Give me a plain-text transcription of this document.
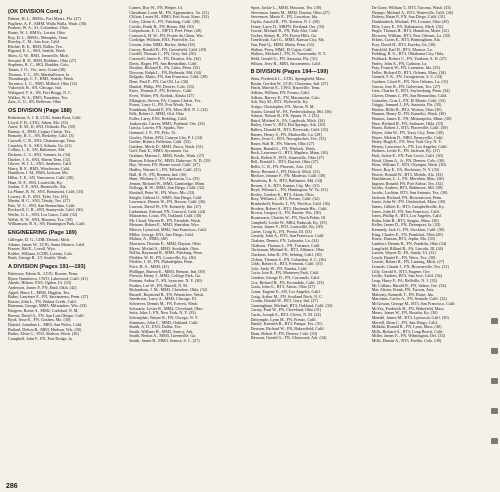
(OK DIVISION Cont.)
Palmer, H. L., RM3/c, Fort Myers, Fla. (27)
Pugliese, A. F., AMM, Walla Walla, Wash. (36)
Peukert, W. A., S1, Columbus, Ohio.
Rauer, W. J., RM3/c, Lorain, Ohio.
Roy, D. L., RM3/c, Memphis, Tenn.
Rowley, C. M., San Jose, Calif.
Ritchie, R. E., RM3, Dallas, Tex.
Rigstad, E. L., SK3, Seattle, Wash.
Shaw, G. W., RM3, Joeasville, Mich.
Seward, B. D., RM3, Robbins, Ohio (27)
Stephens, R. C., SK3, Boulder, Colo.
Tatum, J. O., Vet., new, Crane (30)
Thomas, T. C., SN, Marshalltown, Ia.
Thornburgh, C. T., RM3, Seattle, Wash.
Torrance, L. C., RM3, Milford, Ohio (32)
Vukovich, R., SN, Chicago, Ind.
Walsgard, V. S., SN, Fort Bragg, N. C.
Walker, W. A., RM3, Pasadena, Tex.
Zass, G. G., SN, Bellevue, Ohio
OS DIVISION (Page 188)
Robertson, A. J. II, LTJG, Santa Rosa, Calif.
Lloyd, F. B., LTJG, Aiken, Mo. (33)
Auret, E. M., II, SN3, Orlando, Fla. (30)
Batista, A., RM3, Corpus Christi, Tex.
Beaudry, R. C., SN, Berkeley, Calif. (3)
Caswell, C. R., SN3, Chattanooga, Tenn.
Crumley, E. S., SK3, Atlanta, Ga. (21)
Collins, L. E., SN, Baltimore, Md.
Dickens, C. S., SN3, Sumner, Ia. (34)
Durkee, J. A., SN3, Sherm Tenn. (32)
Glover, W. J. L., SN3, Anaheim, Calif.
Harry, R. E., RM3, Winchester, Calif.
Hamilton, J. M., RM3, Jackson, Mo.
Hillar, T. E., SN, Vancouver, Calif. (30)
Hunt, D. F., SN3, Louisville, Ky.
Jordan, T. E., SN3, Huntsville, Ala.
La Plume, B. W., SN3, Beaumont, Calif. (33)
Lowery, K. F., SN3, Tyler, Tex. (33)
Martin, H. C., SN3, Trinity, Tex. (27)
Pate, W. C., SN3, San Bernardino, Calif.
Rockwell, C. R., SN3, Sunnyvale, Calif. (30)
Weiler, G. L., SN3, Los Gatos, Calif. (32)
Welsh, K. W., SN3, Houston, Tex. (39)
Williamson, B. S., SN, Huntington Park, Calif.
ENGINEERING (Page 189)
Gillespie, D. G., CDR, Detroit, Mich.
Adams, James W., LTJG, Santa Monica, Calif.
Frazier, Hal E., Lovell, Wyo.
Kohler, William, LCDR, Loretta, Colo.
Bush, George R., LT, Seattle, Wash.
A DIVISION (Pages 191—193)
Patterson, Edwin K., LTJG, Bowen, Penn.
Bjoze Onatsieeco, CWO, Lakewood, Calif. (41)
Aberle, Hilario, EN3, Ogden, Ut. (33)
Anderson, James P., FN, Enid, Okla. (42)
Appel, Harry L., MM2, Higgins, Tex.
Baker, Laurence E., FN, Sacramento, Penn. (27)
Baxter, John L., FN, Walnut Creek, Calif.
Bateman, George, MM3, Milwaukee, Wis. (33)
Brogren, Rome A., MM2, Carlsbad, N. M.
Brown, David A., FN, San Luis Obispo, Calif.
Byrd, Jesse E., FN, Goshen, Mo. (30)
Dalziel, Jonathan L., MR3, San Pedro, Calif.
Ballard, Delton B., MR3, Hudson, Wis. (30)
Butler, Alvin C., EN3, Shelton, Wash. (30)
Campbell, John F., FN, Fort Dodge, Ia.
Carnes, Roy W., FN, Helper, Ut.
Cheatham, Louie M., FN, Appomattox, Va. (31)
Clifton, Lester M., MM3, Fort Scott, Kans. (33)
Coley, Glenn A., FN, Pittsburg, Calif. (38)
Cordio, Frank R., FN, Bronx, Md. (30)
Colquehoun, E. G., MFT3, Peel, Penn. (28)
Comstock, H. W., FN, Prairie du Chien, Wis.
Coolidge, William, EN3, Portsville, La.
Cowan, John, MM2, Burley, Idaho (33)
Currey, Ronald D., FN, Greenfield, Calif. (49)
Cordell, Thomas C., FN, Grey, Ind. (30)
Cornwell, James E., FN, Decatur, Ala. (34)
Davis, Roger, FN, San Bernardino, Calif.
Dowker, Richard E., FA, Lititz, Penn. (33)
Dowson, Ralph L., FN, Bethesda, Md. (34)
Delgado, Mario, FN, San Francisco, Calif. (38)
Dent, Paul F., FN, Cut Off, La. (36)
Dunkel, Philip, FN, Denver, Colo. (33)
Estes, Thomas F., FN, Kelseyv., Calif.
Evert, Walter, FN, Kodiak, Alaska (27)
Elkington, Steven, FA, Corpus Christi, Tex.
Foster, Larry G., FN, Fort Worth, Tex.
Frankham, Ronald P., FN, Moss Hill, N. J. (34)
Falk, Robert J., MM3, Ord, Ohio
Fuller, Larry, EN3, Redding, Calif.
Jankowski, Carver, MM3, Portland, Ore. (33)
Garcia, Lawrie, FN, Sparks, Nev.
Gemmel, J. F., FN, Pylo, Ut.
Gooley, Nolan, EN3, Canyon City, P. I. (34)
Gerber, Robert, Fullerton, Calif. (33)
Gardner, Merle D., MM3, Pasco, Wash. (31)
Goff, Paul E., MM3, Sycamore, Ga.
Graham, Marion J., MM3, Keulo, Wash. (27)
Hanson, Edward W., MM3, Dubrowe, N. D. (35)
Hay, Vernon, FN, Boone wood, Calif. (27)
Hadley, Warner C., FN, Telford, Calif. (31)
Hall, B. N., FN, Bremen, Ind. (30)
Hunt, Whitney J., FN, Opelousas, La. (35)
Jensen, Richard W., MM3, Cambridge, Minn.
Kellogg, R. W., MM3, San Diego, Calif. (32)
Kimball, Peter W., FN, Waco, Mo. (33)
Knight, Gideon O., MM3, San Diego, Calif.
Lawrence, Dennis W., FN, Bowen, Calif. (36)
Lawson, David W., FN, Kennerly, Ida. (27)
Lieberman, Edward, FN, Concord, Calif. (44)
Mazzarino, Louis, FN, Oakland, Calif. (30)
Mc Cloud, Warren R., FN, Ferndale, Wash.
Meisner, Robert E., MM3, Sheridan, Wyo.
Mercer, Lynwood, MM2, San Francisco, Calif.
Miller, George, EN3, San Diego, Calif.
Molina, A., MM3, (40)
Morrison, Thomas E., MM2, Dayton, Ohio
Myers, Michal A., MM3, Stockdale, Ohio
Nollin, Raymond R., MM3, Pittsburg, Penn.
Pfeilder, W. H., FN, Louisville, Ky. (30)
Pfeiffer, J. W., FN, Philadelphia, Penn.
Price, R. A., MM3, (41)
Phillippe, Burton E., MM3, Benson, Ind. (30)
Pierson, Henry J., MM2, College Park, Ga.
Putnam, Arthur T., SN, Syracuse, N. Y. (30)
Prather, Lee W., FN, Burrell, N. M.
Richardson, J. M., MM3, Cherokee, Okla. (32)
Russell, Raymond R., FN, Wenatchee, Wash.
Sanderson, Larry A., MM3, Chicago, Ill.
Schriever, Dennis M., FN, Everett, Wash.
Schwartz, Lester R., MM2, Cleveland, Ohio
Seitz, John J., FN, New York, N. Y. (33)
Schraepher, Wayne R., FN, Oscego, N. Y.
Simmons, John C., MM3, Oakland, Calif.
Smith, A. D., EN3, Dallas, Tex.
Smith, William H., MM3, Searcy, Ark.
Smith, Berlon A., MM3, Greenville, Ga.
Smith, James R., MM3, Seneca, S. C. (27)
Sport, Jackie L., MM3, Houston, Tex. (30)
Stevenson, James M., MM2, Dayton, Ohio (27)
Stevenson, Maxie E., FN, Lewiston, Ida.
Taylor, Arnold R., FN, Trenton, N. J. (30)
Tetrey, Larry D., MRFN, Portland, Ore. (35)
Towne, Michael B., FN, Palo Alto, Calif.
Tucker, Sidney R., FN, Forest Hills, Ga.
Toneliczak, Carl G., MM3, Kansas City, Mo.
Van, Paul Q., MM3, Malta, Penn. (33)
Walton, Perry, MM2, El Cajon, Calif.
Walters, Michael J., FN, N. Tonawanda, N. Y.
Weld, Gerald G., FN, Sarasota, Fla. (31)
Wilson, Jerry R., MR3, Sacramento, Calif.
B DIVISION (Pages 194—199)
Wass, Frederick L., LTJG, Springfield, Mass.
Bastin, Gordon W., LTJG, Cheyenne, Ind. (27)
Finch, Marvin E., CWO, Knoxville, Tenn.
Adkins, William, FN, Fresno, Calif.
Adkins, Harvey E., FN, Macomobe, Colo.
Ash, Roy M., BT3, Wylieville, Ky.
Arrigo, Christopher, FN, Akron, N. M.
Austin, Gerard W., FA, Fredericksburg, Md. (36)
Ashton, Nelson B., FN, Sparta, N. J. (33)
Baird, Michael A., FA, Lapilwah, Mich. (34)
Bailey, Gene V., BT3, Hot Springs, Ark. (30)
Ballew, Donald H., BT3, Riverside, Calif. (33)
Barnes, Henry S., FN, Marksville, La. (29)
Bates, Jesse L., BT3, Nacogdoches, Tex. (35)
Bauer, Ralf H., FN, Warren, Ohio (27)
Baxter, Ronald L., FN, Winlock, Wash.
Beck, Lawrence G., BT3, Mapleto, Minn. (30)
Beck, Robert E., BT3, Zanesville, Ohio (27)
Bell, Donald L., BT3, Dayton, Ohio (27)
Bellis, C. R., FN, Phoenix, Ariz. (33)
Berry, Bernard J., FN, Detroit, Mich. (31)
Bledsoe, Jimmie F., FN, Modesto, Calif. (30)
Boudreau, R. A., BT3, Baltimore, Md. (34)
Bowen, J. S., BT3, Kansas City, Mo. (31)
Boyd, Wilmar L., FN, Huntington, W. Va. (31)
Bosley, Gordon K., BT3, Akron, Ohio
Bray, William J., BT3, Fresno, Calif. (32)
Brinkerhoff, Brooks T., FA, Pacifica, Calif. (36)
Brodetz, Robert S., BT3, Hacienda Hts., Calif.
Brown, Gregory A., FN, Racine, Wis. (30)
Brunswarts, Charles W., FN, North Pekin, Ill.
Campbell, Leslie W., MR2, Paducah, Ky. (35)
Carson, James V., BT3, Louisville, Ky. (30)
Carter, Craig K., FN, Peoria, Ill. (33)
Cassidy, John A., BT3, San Francisco, Calif.
Chalone, Dennis, FN, Lafayette, La. (34)
Chaltson, Thomas L., FN, Torrance, Calif.
Christman, Michael K., BT3, Alliance, Ohio
Clarkson, John R., FN, Sebring, Calif. (30)
Clifton, Thomas S., FN, Columbia, S. C. (36)
Cobb, Robert A., BT3, Fremont, Calif. (31)
Cole, Andy W., FN, Eureka, Calif.
Coria, Jose R., FN, Monterey Park, Calif.
Condon, George D., FN, Coronado, Calif.
Cox, Richard B., FN, Escondido, Calif. (33)
Crain, John G., BT3, Akron, Ohio (27)
Crane, Eugene E., SN, Los Angeles, Calif.
Craig, Arthur M., FN, Scotland Neck, N. C.
Cronin, Donald W., BT3, Gary, Ind. (27)
Cunningham, Michael, BT3, Oakland, Calif. (33)
Currey, Paul W., FN, Cleveland, Ohio (31)
Curtis, Joseph A., BT3, Clovis, N. M. (32)
Dalrymple, Lynn M., FN, Fresno, Calif.
Daniel, Kenneth B., BT2, Pampa, Tex. (31)
Dawson, Richard W., FN, Bakersfield, Calif.
Dean, Robert P., FN, Denver, Colo. (33)
Dawson, Gerald G., FN, Glenwood, Ark. (34)
De Graw, William T., BT3, Tacoma, Wash. (33)
Denapo, Michael A., BT3, Waterville, Calif. (34)
Dobrey, Brian P., FN, San Diego, Calif. (31)
Duddondeck, Michael, FN, Lorrain, Ohio (30)
Ellis, Larry E., FA, Kalamazoo, Mich. (32)
Engle, Thomas R., BT3, Hamilton, Mont. (32)
Elowsen, William, BT3, New Orleans, La. (30)
Erkins, Curtis E., BT3, Birmingham, Ala.
Esry, David H., BT3, Eureka, Ga. (30)
Fairchild, Earl D., BT3, Monroe, La.
Fielding, R. G., BT3, Oklahoma City, Okla.
Fishback, Robert C., FN, Yankton, S. D. (27)
Finley, John A., FN, Cashton, La.
Fray, Francis W., FN, Lorenton, Ida. (33)
Fuller, Richard D., BT3, Orleans, Mass. (34)
Garnett, F. K., FN, Georgetown, S. C. (34)
Gardner, Lloyd E., FN, New Orleans, La. (31)
Garcia, Jose R., FN, Galveston, Tex. (27)
Getz, Charles E., BT3, Saylorsburg, Penn. (34)
Glover, Dennis J., FN, San Bernardino, Calif.
Gonzalez, Cruz J., FN, El Monte, Calif. (33)
Griggs, Jonnard J., FA, Sarasota, Fla. (33)
Hacker, Billie R., BT2, Worton, Ohio (30)
Hansen, Henry D., FN, Kanrelto, Wash. (30)
Hanson, James E., FN, Minneapolis, Minn. (30)
Hare, Richard R., FN, Ardmore, Okla. (33)
Harris, Robert J., BT3, Placerville, Calif. (30)
Hayes, John W., FN, Tracy City, Tenn. (30)
Hayes, Melvin D., MR3, Emeryville, Calif.
Healy, Hugh E., FN, New York City, N. Y.
Heisey, Lawrence A., FN, Los Angeles, Calif.
Holmes, Leslie E., FN, Jackson, Ky. (31)
Holt, Jackie E., FN, Fort Lewis, Calif. (30)
Hood, Glenn A., Jr., FN, Denver, Colo. (30)
Horn, William T., BT3, Olympia, Wash. (30)
Howe, Roy E., FA, Rochester, N. Y. (33)
Howie, Ronald W., BT3, Mobile, Ala. (33)
Hutchinson, L. J., FN, Meridian, Miss. (30)
Ingram, Ronald, FN, Port Arthur, Tex. (32)
Jacobs, Andrew, BT3, Baltimore, Md. (38)
Jacobs, Lachlan, BT3, San Antonio, Tex. (30)
Jackson, Richard, FN, Brownstown, Penn.
Jones, John W., FN, Chelmsford, Mass. (30)
James, Gilbert E., BT3, Campbellsville, Ky.
Jones, John H., FN, San Francisco, Calif.
Jones, Phillip S., BT3, Los Angeles, Calif.
Kahn, John R., BT3, Saugus, Mass. (30)
Keller, James D., FN, Davenport, Ia. (33)
Kennedy, Jack G., FN, Stockton, Calif. (30)
King, Charles E., FN, Frankfort, Ohio (30)
Kruse, Duncan, BT3, Joplin, Mo. (33)
Lambert, Dennis R., FN, Franklin, Ohio (34)
Langfield, Rillard R., FA, Lincoln, Ill. (34)
Larsen, Wayne D., FA, Sandy, Ut. (31)
Leach, Daniel E., FN, Waco, Tex. (30)
Leavitt, Robert R., FN, Lansing, Mich. (27)
Lizardo, Claude J., FN, Brownsville, Tex. (31)
Lilly, Gerald S., BT3, Eugene, Ore.
Leslie, Andrew, BT3, San Jose, Calif. (34)
Leap, Harry F., FA, Bellville, N. J. (33)
Mc Callum, Harold R., FN, Salem, Ore. (34)
Mac Alister, Frank, FN, Tucson, Ariz.
Maloney, Kenneth T., FN, Boise, Ida.
Marchant, Carlos A., FN, Seaside, Calif. (32)
McGowan, George M., BT3, San Francisco, Calif.
McVey, Frederick H., FN, Wakefield, Mass.
Mears, James W., FN, Rosalia, Ky. (30)
Mendel, James M., BT3, Lynwood, Calif. (30)
Merrell, Dean C., FN, San Diego, Calif.
Mikkila, Ronald R., FN, Lynn, Mass. (30)
Mills, Richard A., BT3, Long Beach, Calif.
Miller, James E., FN, Wilmington, Del. (33)
Mills, Dennis A., BT3, Pueblo, Colo. (30)
286
